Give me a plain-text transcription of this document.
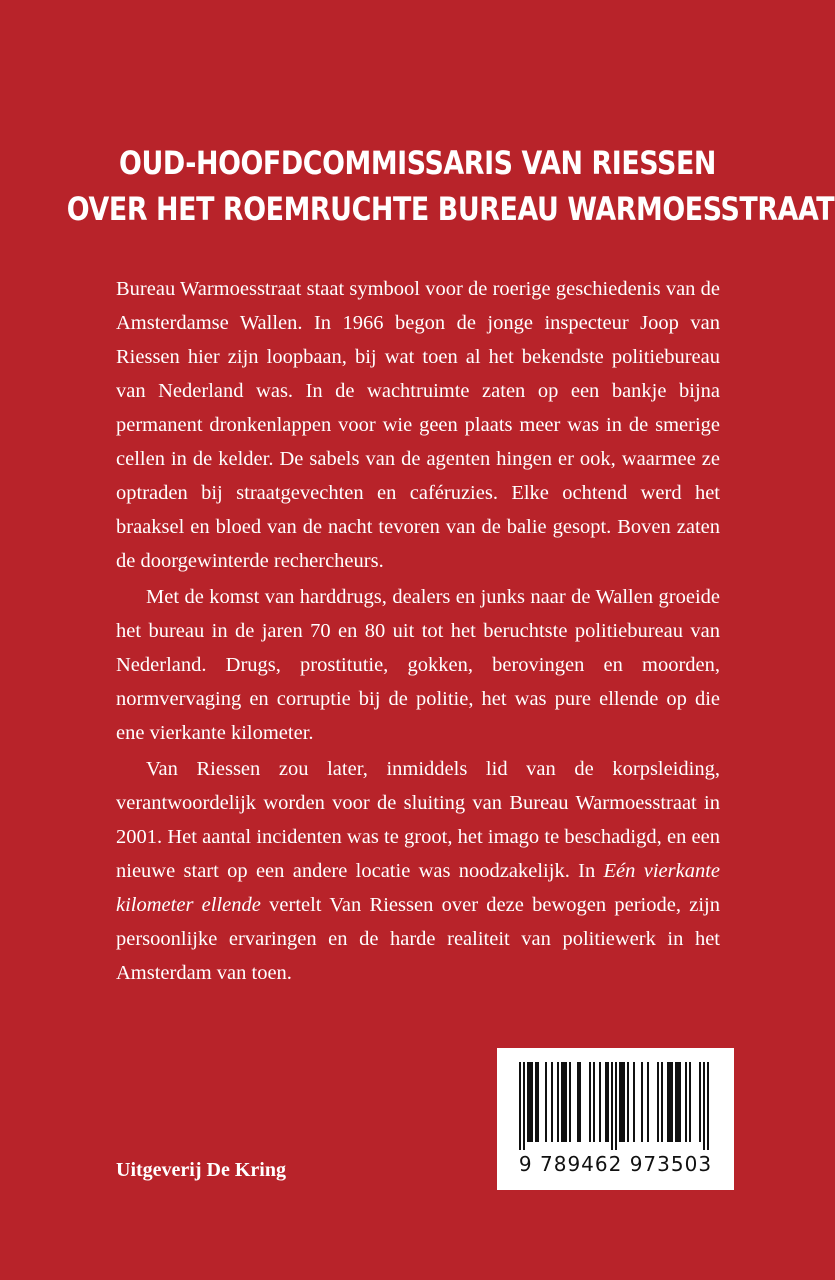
OUD-HOOFDCOMMISSARIS VAN RIESSEN
OVER HET ROEMRUCHTE BUREAU WARMOESSTRAAT

Bureau Warmoesstraat staat symbool voor de roerige geschiedenis van de Amsterdamse Wallen. In 1966 begon de jonge inspecteur Joop van Riessen hier zijn loopbaan, bij wat toen al het bekendste politiebureau van Nederland was. In de wachtruimte zaten op een bankje bijna permanent dronkenlappen voor wie geen plaats meer was in de smerige cellen in de kelder. De sabels van de agenten hingen er ook, waarmee ze optraden bij straatgevechten en caféruzies. Elke ochtend werd het braaksel en bloed van de nacht tevoren van de balie gesopt. Boven zaten de doorgewinterde rechercheurs.

Met de komst van harddrugs, dealers en junks naar de Wallen groeide het bureau in de jaren 70 en 80 uit tot het beruchtste politiebureau van Nederland. Drugs, prostitutie, gokken, berovingen en moorden, normvervaging en corruptie bij de politie, het was pure ellende op die ene vierkante kilometer.

Van Riessen zou later, inmiddels lid van de korpsleiding, verantwoordelijk worden voor de sluiting van Bureau Warmoesstraat in 2001. Het aantal incidenten was te groot, het imago te beschadigd, en een nieuwe start op een andere locatie was noodzakelijk. In Eén vierkante kilometer ellende vertelt Van Riessen over deze bewogen periode, zijn persoonlijke ervaringen en de harde realiteit van politiewerk in het Amsterdam van toen.

Uitgeverij De Kring	9 789462 973503
